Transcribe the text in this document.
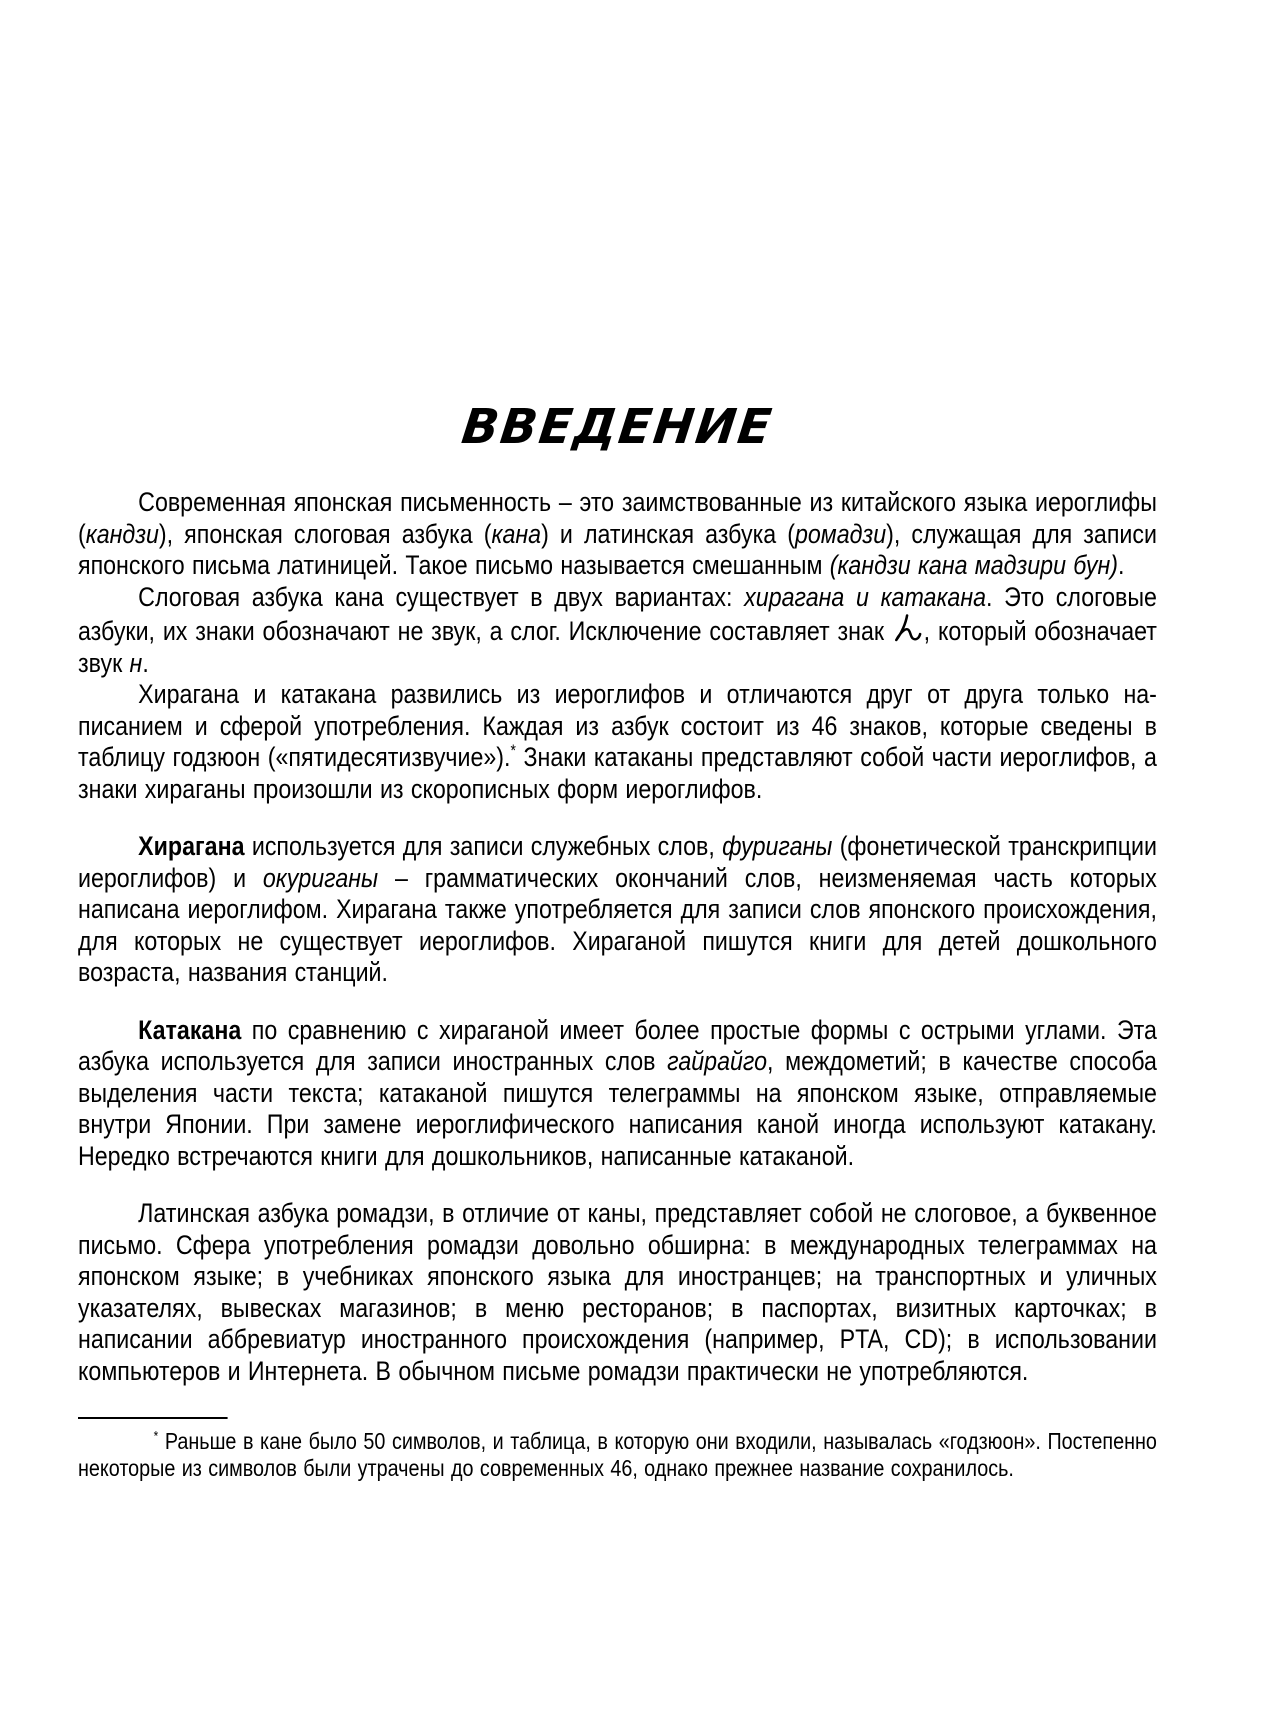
ВВЕДЕНИЕ

Современная японская письменность – это заимствованные из китайского языка иероглифы (кандзи), японская слоговая азбука (кана) и латинская азбука (ромадзи), служащая для записи японского письма латиницей. Такое письмо называется смешанным (кандзи кана мадзири бун).

Слоговая азбука кана существует в двух вариантах: хирагана и катакана. Это слоговые азбуки, их знаки обозначают не звук, а слог. Исключение составляет знак , который обозначает звук н.

Хирагана и катакана развились из иероглифов и отличаются друг от друга только написанием и сферой употребления. Каждая из азбук состоит из 46 знаков, которые сведены в таблицу годзюон («пятидесятизвучие»).* Знаки катаканы представляют собой части иероглифов, а знаки хираганы произошли из скорописных форм иероглифов.

Хирагана используется для записи служебных слов, фуриганы (фонетической транскрипции иероглифов) и окуриганы – грамматических окончаний слов, неизменяемая часть которых написана иероглифом. Хирагана также употребляется для записи слов японского происхождения, для которых не существует иероглифов. Хираганой пишутся книги для детей дошкольного возраста, названия станций.

Катакана по сравнению с хираганой имеет более простые формы с острыми углами. Эта азбука используется для записи иностранных слов гайрайго, междометий; в качестве способа выделения части текста; катаканой пишутся телеграммы на японском языке, отправляемые внутри Японии. При замене иероглифического написания каной иногда используют катакану. Нередко встречаются книги для дошкольников, написанные катаканой.

Латинская азбука ромадзи, в отличие от каны, представляет собой не слоговое, а буквенное письмо. Сфера употребления ромадзи довольно обширна: в международных телеграммах на японском языке; в учебниках японского языка для иностранцев; на транспортных и уличных указателях, вывесках магазинов; в меню ресторанов; в паспортах, визитных карточках; в написании аббревиатур иностранного происхождения (например, PTA, CD); в использовании компьютеров и Интернета. В обычном письме ромадзи практически не употребляются.

* Раньше в кане было 50 символов, и таблица, в которую они входили, называлась «годзюон». Постепенно некоторые из символов были утрачены до современных 46, однако прежнее название сохранилось.
